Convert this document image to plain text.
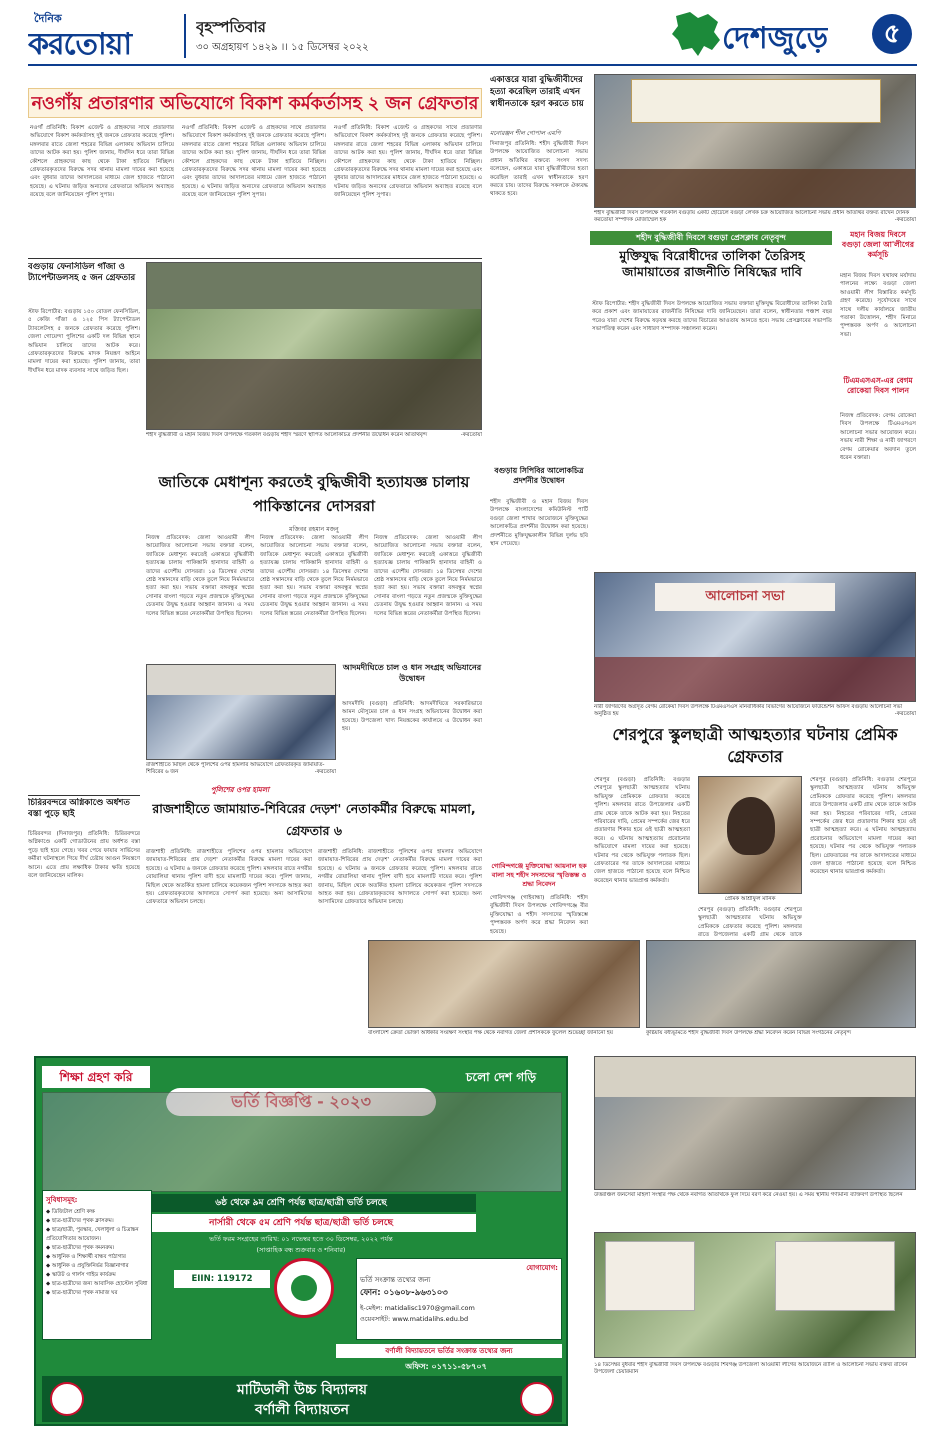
দৈনিক
করতোয়া	বৃহস্পতিবার
৩০ অগ্রহায়ণ ১৪২৯ ।। ১৫ ডিসেম্বর ২০২২	দেশজুড়ে	৫
নওগাঁয় প্রতারণার অভিযোগে বিকাশ কর্মকর্তাসহ ২ জন গ্রেফতার
নওগাঁ প্রতিনিধি: বিকাশ এজেন্ট ও গ্রাহকদের সাথে প্রতারণার অভিযোগে বিকাশ কর্মকর্তাসহ দুই জনকে গ্রেফতার করেছে পুলিশ। মঙ্গলবার রাতে জেলা শহরের বিভিন্ন এলাকায় অভিযান চালিয়ে তাদের আটক করা হয়। পুলিশ জানায়, দীর্ঘদিন ধরে তারা বিভিন্ন কৌশলে গ্রাহকদের কাছ থেকে টাকা হাতিয়ে নিচ্ছিল। গ্রেফতারকৃতদের বিরুদ্ধে সদর থানায় মামলা দায়ের করা হয়েছে এবং বুধবার তাদের আদালতের মাধ্যমে জেল হাজতে পাঠানো হয়েছে। এ ঘটনায় জড়িত অন্যদের গ্রেফতারে অভিযান অব্যাহত রয়েছে বলে জানিয়েছেন পুলিশ সুপার।
নওগাঁ প্রতিনিধি: বিকাশ এজেন্ট ও গ্রাহকদের সাথে প্রতারণার অভিযোগে বিকাশ কর্মকর্তাসহ দুই জনকে গ্রেফতার করেছে পুলিশ। মঙ্গলবার রাতে জেলা শহরের বিভিন্ন এলাকায় অভিযান চালিয়ে তাদের আটক করা হয়। পুলিশ জানায়, দীর্ঘদিন ধরে তারা বিভিন্ন কৌশলে গ্রাহকদের কাছ থেকে টাকা হাতিয়ে নিচ্ছিল। গ্রেফতারকৃতদের বিরুদ্ধে সদর থানায় মামলা দায়ের করা হয়েছে এবং বুধবার তাদের আদালতের মাধ্যমে জেল হাজতে পাঠানো হয়েছে। এ ঘটনায় জড়িত অন্যদের গ্রেফতারে অভিযান অব্যাহত রয়েছে বলে জানিয়েছেন পুলিশ সুপার।
নওগাঁ প্রতিনিধি: বিকাশ এজেন্ট ও গ্রাহকদের সাথে প্রতারণার অভিযোগে বিকাশ কর্মকর্তাসহ দুই জনকে গ্রেফতার করেছে পুলিশ। মঙ্গলবার রাতে জেলা শহরের বিভিন্ন এলাকায় অভিযান চালিয়ে তাদের আটক করা হয়। পুলিশ জানায়, দীর্ঘদিন ধরে তারা বিভিন্ন কৌশলে গ্রাহকদের কাছ থেকে টাকা হাতিয়ে নিচ্ছিল। গ্রেফতারকৃতদের বিরুদ্ধে সদর থানায় মামলা দায়ের করা হয়েছে এবং বুধবার তাদের আদালতের মাধ্যমে জেল হাজতে পাঠানো হয়েছে। এ ঘটনায় জড়িত অন্যদের গ্রেফতারে অভিযান অব্যাহত রয়েছে বলে জানিয়েছেন পুলিশ সুপার।
একাত্তরে যারা বুদ্ধিজীবীদের হত্যা করেছিল তারাই এখন স্বাধীনতাকে হরণ করতে চায়
মনোরঞ্জন শীল গোপাল এমপি
দিনাজপুর প্রতিনিধি: শহীদ বুদ্ধিজীবী দিবস উপলক্ষে আয়োজিত আলোচনা সভায় প্রধান অতিথির বক্তব্যে সংসদ সদস্য বলেছেন, একাত্তরে যারা বুদ্ধিজীবীদের হত্যা করেছিল তারাই এখন স্বাধীনতাকে হরণ করতে চায়। তাদের বিরুদ্ধে সকলকে ঐক্যবদ্ধ থাকতে হবে।
শহীদ বুদ্ধিজীবী দিবস উপলক্ষে গতকাল বগুড়ায় একটি হোটেলে বগুড়া লেখক চক্র আয়োজিত আলোচনা সভায় প্রধান অতিথির বক্তব্য রাখেন দৈনিক করতোয়া সম্পাদক মোজাম্মেল হক	-করতোয়া
শহীদ বুদ্ধিজীবী দিবসে বগুড়া প্রেসক্লাব নেতৃবৃন্দ
মুক্তিযুদ্ধ বিরোধীদের তালিকা তৈরিসহ জামায়াতের রাজনীতি নিষিদ্ধের দাবি
স্টাফ রিপোর্টার: শহীদ বুদ্ধিজীবী দিবস উপলক্ষে আয়োজিত সভায় বক্তারা মুক্তিযুদ্ধ বিরোধীদের তালিকা তৈরি করে প্রকাশ এবং জামায়াতের রাজনীতি নিষিদ্ধের দাবি জানিয়েছেন। তারা বলেন, স্বাধীনতার পঞ্চাশ বছর পরেও যারা দেশের বিরুদ্ধে ষড়যন্ত্র করছে তাদের বিচারের আওতায় আনতে হবে। সভায় প্রেসক্লাবের সভাপতি সভাপতিত্ব করেন এবং সাধারণ সম্পাদক সঞ্চালনা করেন।
মহান বিজয় দিবসে বগুড়া জেলা আ'লীগের কর্মসূচি
মহান বিজয় দিবস যথাযথ মর্যাদায় পালনের লক্ষ্যে বগুড়া জেলা আওয়ামী লীগ বিস্তারিত কর্মসূচি গ্রহণ করেছে। সূর্যোদয়ের সাথে সাথে দলীয় কার্যালয়ে জাতীয় পতাকা উত্তোলন, শহীদ মিনারে পুষ্পস্তবক অর্পণ ও আলোচনা সভা।
টিএমএসএস-এর বেগম রোকেয়া দিবস পালন
নিজস্ব প্রতিবেদক: বেগম রোকেয়া দিবস উপলক্ষে টিএমএসএস আলোচনা সভার আয়োজন করে। সভায় নারী শিক্ষা ও নারী জাগরণে বেগম রোকেয়ার অবদান তুলে ধরেন বক্তারা।
বগুড়ায় ফেনসিডিল গাঁজা ও ট্যাপেন্টাডলসহ ৫ জন গ্রেফতার
স্টাফ রিপোর্টার: বগুড়ায় ১৫০ বোতল ফেনসিডিল, ৫ কেজি গাঁজা ও ১২৫ পিস ট্যাপেন্টাডল ট্যাবলেটসহ ৫ জনকে গ্রেফতার করেছে পুলিশ। জেলা গোয়েন্দা পুলিশের একটি দল বিভিন্ন স্থানে অভিযান চালিয়ে তাদের আটক করে। গ্রেফতারকৃতদের বিরুদ্ধে মাদক নিয়ন্ত্রণ আইনে মামলা দায়ের করা হয়েছে। পুলিশ জানায়, তারা দীর্ঘদিন ধরে মাদক ব্যবসার সাথে জড়িত ছিল।
চিরিরবন্দরে অগ্নিকাণ্ডে অর্ধশত বস্তা পুড়ে ছাই
চিরিরবন্দর (দিনাজপুর) প্রতিনিধি: চিরিরবন্দরে অগ্নিকাণ্ডে একটি গোডাউনের প্রায় অর্ধশত বস্তা পুড়ে ছাই হয়ে গেছে। খবর পেয়ে ফায়ার সার্ভিসের কর্মীরা ঘটনাস্থলে গিয়ে দীর্ঘ চেষ্টায় আগুন নিয়ন্ত্রণে আনে। এতে প্রায় লক্ষাধিক টাকার ক্ষতি হয়েছে বলে জানিয়েছেন মালিক।
শহীদ বুদ্ধিজীবী ও মহান বিজয় দিবস উপলক্ষে গতকাল বগুড়ায় শহীদ স্মরণে স্থাপিত আলোকচিত্র প্রদর্শনীর উদ্বোধন করেন অতিথিবৃন্দ	-করতোয়া
বগুড়ায় সিপিবির আলোকচিত্র প্রদর্শনীর উদ্বোধন
শহীদ বুদ্ধিজীবী ও মহান বিজয় দিবস উপলক্ষে বাংলাদেশের কমিউনিস্ট পার্টি বগুড়া জেলা শাখার আয়োজনে মুক্তিযুদ্ধের আলোকচিত্র প্রদর্শনীর উদ্বোধন করা হয়েছে। প্রদর্শনীতে মুক্তিযুদ্ধকালীন বিভিন্ন দুর্লভ ছবি স্থান পেয়েছে।
জাতিকে মেধাশূন্য করতেই বুদ্ধিজীবী হত্যাযজ্ঞ চালায় পাকিস্তানের দোসররা
মজিবর রহমান মজনু
নিজস্ব প্রতিবেদক: জেলা আওয়ামী লীগ আয়োজিত আলোচনা সভায় বক্তারা বলেন, জাতিকে মেধাশূন্য করতেই একাত্তরে বুদ্ধিজীবী হত্যাযজ্ঞ চালায় পাকিস্তানি হানাদার বাহিনী ও তাদের এদেশীয় দোসররা। ১৪ ডিসেম্বর দেশের শ্রেষ্ঠ সন্তানদের বাড়ি থেকে তুলে নিয়ে নির্মমভাবে হত্যা করা হয়। সভায় বক্তারা বঙ্গবন্ধুর স্বপ্নের সোনার বাংলা গড়তে নতুন প্রজন্মকে মুক্তিযুদ্ধের চেতনায় উদ্বুদ্ধ হওয়ার আহ্বান জানান। এ সময় দলের বিভিন্ন স্তরের নেতাকর্মীরা উপস্থিত ছিলেন।
নিজস্ব প্রতিবেদক: জেলা আওয়ামী লীগ আয়োজিত আলোচনা সভায় বক্তারা বলেন, জাতিকে মেধাশূন্য করতেই একাত্তরে বুদ্ধিজীবী হত্যাযজ্ঞ চালায় পাকিস্তানি হানাদার বাহিনী ও তাদের এদেশীয় দোসররা। ১৪ ডিসেম্বর দেশের শ্রেষ্ঠ সন্তানদের বাড়ি থেকে তুলে নিয়ে নির্মমভাবে হত্যা করা হয়। সভায় বক্তারা বঙ্গবন্ধুর স্বপ্নের সোনার বাংলা গড়তে নতুন প্রজন্মকে মুক্তিযুদ্ধের চেতনায় উদ্বুদ্ধ হওয়ার আহ্বান জানান। এ সময় দলের বিভিন্ন স্তরের নেতাকর্মীরা উপস্থিত ছিলেন।
নিজস্ব প্রতিবেদক: জেলা আওয়ামী লীগ আয়োজিত আলোচনা সভায় বক্তারা বলেন, জাতিকে মেধাশূন্য করতেই একাত্তরে বুদ্ধিজীবী হত্যাযজ্ঞ চালায় পাকিস্তানি হানাদার বাহিনী ও তাদের এদেশীয় দোসররা। ১৪ ডিসেম্বর দেশের শ্রেষ্ঠ সন্তানদের বাড়ি থেকে তুলে নিয়ে নির্মমভাবে হত্যা করা হয়। সভায় বক্তারা বঙ্গবন্ধুর স্বপ্নের সোনার বাংলা গড়তে নতুন প্রজন্মকে মুক্তিযুদ্ধের চেতনায় উদ্বুদ্ধ হওয়ার আহ্বান জানান। এ সময় দলের বিভিন্ন স্তরের নেতাকর্মীরা উপস্থিত ছিলেন।
রাজশাহীতে মিছিল থেকে পুলিশের ওপর হামলার অভিযোগে গ্রেফতারকৃত জামায়াত-শিবিরের ৬ জন	-করতোয়া
আদমদীঘিতে চাল ও ধান সংগ্রহ অভিযানের উদ্বোধন
আদমদীঘি (বগুড়া) প্রতিনিধি: আদমদীঘিতে সরকারিভাবে আমন মৌসুমের চাল ও ধান সংগ্রহ অভিযানের উদ্বোধন করা হয়েছে। উপজেলা খাদ্য নিয়ন্ত্রকের কার্যালয়ে এ উদ্বোধন করা হয়।
পুলিশের ওপর হামলা
রাজশাহীতে জামায়াত-শিবিরের দেড়শ' নেতাকর্মীর বিরুদ্ধে মামলা, গ্রেফতার ৬
রাজশাহী প্রতিনিধি: রাজশাহীতে পুলিশের ওপর হামলার অভিযোগে জামায়াত-শিবিরের প্রায় দেড়শ' নেতাকর্মীর বিরুদ্ধে মামলা দায়ের করা হয়েছে। এ ঘটনায় ৬ জনকে গ্রেফতার করেছে পুলিশ। মঙ্গলবার রাতে নগরীর বোয়ালিয়া থানায় পুলিশ বাদী হয়ে মামলাটি দায়ের করে। পুলিশ জানায়, মিছিল থেকে অতর্কিত হামলা চালিয়ে কয়েকজন পুলিশ সদস্যকে আহত করা হয়। গ্রেফতারকৃতদের আদালতে সোপর্দ করা হয়েছে। অন্য আসামিদের গ্রেফতারে অভিযান চলছে।
রাজশাহী প্রতিনিধি: রাজশাহীতে পুলিশের ওপর হামলার অভিযোগে জামায়াত-শিবিরের প্রায় দেড়শ' নেতাকর্মীর বিরুদ্ধে মামলা দায়ের করা হয়েছে। এ ঘটনায় ৬ জনকে গ্রেফতার করেছে পুলিশ। মঙ্গলবার রাতে নগরীর বোয়ালিয়া থানায় পুলিশ বাদী হয়ে মামলাটি দায়ের করে। পুলিশ জানায়, মিছিল থেকে অতর্কিত হামলা চালিয়ে কয়েকজন পুলিশ সদস্যকে আহত করা হয়। গ্রেফতারকৃতদের আদালতে সোপর্দ করা হয়েছে। অন্য আসামিদের গ্রেফতারে অভিযান চলছে।
আলোচনা সভা
নারী জাগরণের অগ্রদূত বেগম রোকেয়া দিবস উপলক্ষে টিএমএসএস মানবাধিকার বিভাগের আয়োজনে ফাউন্ডেশন অফিস বগুড়ায় আলোচনা সভা অনুষ্ঠিত হয়	-করতোয়া
গোবিন্দগঞ্জে মুক্তিযোদ্ধা আয়নাল হক বালা সহ শহীদ সদস্যদের স্মৃতিস্তম্ভ ও শ্রদ্ধা নিবেদন
গোবিন্দগঞ্জ (গাইবান্ধা) প্রতিনিধি: শহীদ বুদ্ধিজীবী দিবস উপলক্ষে গোবিন্দগঞ্জে বীর মুক্তিযোদ্ধা ও শহীদ সদস্যদের স্মৃতিস্তম্ভে পুষ্পস্তবক অর্পণ করে শ্রদ্ধা নিবেদন করা হয়েছে।
শেরপুরে স্কুলছাত্রী আত্মহত্যার ঘটনায় প্রেমিক গ্রেফতার
শেরপুর (বগুড়া) প্রতিনিধি: বগুড়ার শেরপুরে স্কুলছাত্রী আত্মহত্যার ঘটনায় অভিযুক্ত প্রেমিককে গ্রেফতার করেছে পুলিশ। মঙ্গলবার রাতে উপজেলার একটি গ্রাম থেকে তাকে আটক করা হয়। নিহতের পরিবারের দাবি, প্রেমের সম্পর্কের জের ধরে প্রতারণার শিকার হয়ে ওই ছাত্রী আত্মহত্যা করে। এ ঘটনায় আত্মহত্যায় প্ররোচনার অভিযোগে মামলা দায়ের করা হয়েছে। ঘটনার পর থেকে অভিযুক্ত পলাতক ছিল। গ্রেফতারের পর তাকে আদালতের মাধ্যমে জেল হাজতে পাঠানো হয়েছে বলে নিশ্চিত করেছেন থানার ভারপ্রাপ্ত কর্মকর্তা।
প্রেমিক আশ্রাফুল মানিক
শেরপুর (বগুড়া) প্রতিনিধি: বগুড়ার শেরপুরে স্কুলছাত্রী আত্মহত্যার ঘটনায় অভিযুক্ত প্রেমিককে গ্রেফতার করেছে পুলিশ। মঙ্গলবার রাতে উপজেলার একটি গ্রাম থেকে তাকে
শেরপুর (বগুড়া) প্রতিনিধি: বগুড়ার শেরপুরে স্কুলছাত্রী আত্মহত্যার ঘটনায় অভিযুক্ত প্রেমিককে গ্রেফতার করেছে পুলিশ। মঙ্গলবার রাতে উপজেলার একটি গ্রাম থেকে তাকে আটক করা হয়। নিহতের পরিবারের দাবি, প্রেমের সম্পর্কের জের ধরে প্রতারণার শিকার হয়ে ওই ছাত্রী আত্মহত্যা করে। এ ঘটনায় আত্মহত্যায় প্ররোচনার অভিযোগে মামলা দায়ের করা হয়েছে। ঘটনার পর থেকে অভিযুক্ত পলাতক ছিল। গ্রেফতারের পর তাকে আদালতের মাধ্যমে জেল হাজতে পাঠানো হয়েছে বলে নিশ্চিত করেছেন থানার ভারপ্রাপ্ত কর্মকর্তা।
বাংলাদেশ ক্রেতা ভোক্তা অধিকার সংরক্ষণ সংস্থার পক্ষ থেকে নবাগত জেলা প্রশাসককে ফুলেল শুভেচ্ছা জানানো হয়	কুষ্টিয়ায় বধ্যভূমিতে শহীদ বুদ্ধিজীবী দিবস উপলক্ষে শ্রদ্ধা নিবেদন করেন বিভিন্ন সংগঠনের নেতৃবৃন্দ
উত্তরাঞ্চল জনসেবা মহিলা সংস্থার পক্ষ থেকে নবাগত অতিথিকে ফুল দিয়ে বরণ করে নেওয়া হয়। এ সময় স্থানীয় গণ্যমান্য ব্যক্তিবর্গ উপস্থিত ছিলেন
১৪ ডিসেম্বর বুধবার শহীদ বুদ্ধিজীবী দিবস উপলক্ষে বগুড়ার শিবগঞ্জ উপজেলা আওয়ামী লীগের আয়োজনে র‍্যালি ও আলোচনা সভায় বক্তব্য রাখেন উপজেলা চেয়ারম্যান
শিক্ষা গ্রহণ করি	চলো দেশ গড়ি
৬ষ্ঠ থেকে ৯ম শ্রেণি পর্যন্ত ছাত্র/ছাত্রী ভর্তি চলছে
নার্সারী থেকে ৫ম শ্রেণি পর্যন্ত ছাত্র/ছাত্রী ভর্তি চলছে
ভর্তি ফরম সংগ্রহের তারিখ: ০১ নভেম্বর হতে ৩০ ডিসেম্বর, ২০২২ পর্যন্ত
(সাপ্তাহিক বন্ধ শুক্রবার ও শনিবার)
সুবিধাসমূহ:
◆ ডিজিটাল শ্রেণি কক্ষ
◆ ছাত্র-ছাত্রীদের পৃথক ক্লাসরুম।
◆ ছাত্র/ছাত্রী, পুরস্কার, খেলাধুলা ও চিত্রাঙ্কন প্রতিযোগিতার আয়োজন।
◆ ছাত্র-ছাত্রীদের পৃথক কমনরুম।
◆ আধুনিক ও শিক্ষার্থী বান্ধব পাঠাগার
◆ আধুনিক ও প্রযুক্তিনির্ভর বিজ্ঞানাগার
◆ স্কাউট ও গার্লস গাইড কার্যক্রম
◆ ছাত্র-ছাত্রীদের জন্য আবাসিক হোস্টেল সুবিধা
◆ ছাত্র-ছাত্রীদের পৃথক নামাজ ঘর
EIIN: 119172
যোগাযোগ:
ভর্তি সংক্রান্ত তথ্যের জন্য
ফোন: ০১৬০৮-৯৬৩১০৩
ই-মেইল: matidalisc1970@gmail.com
ওয়েবসাইট: www.matidalihs.edu.bd
বর্ণালী বিদ্যায়তনে ভর্তির সংক্রান্ত তথ্যের জন্য
অফিস: ০১৭১১-৫৮৭০৭
মাটিডালী উচ্চ বিদ্যালয়
বর্ণালী বিদ্যায়তন
